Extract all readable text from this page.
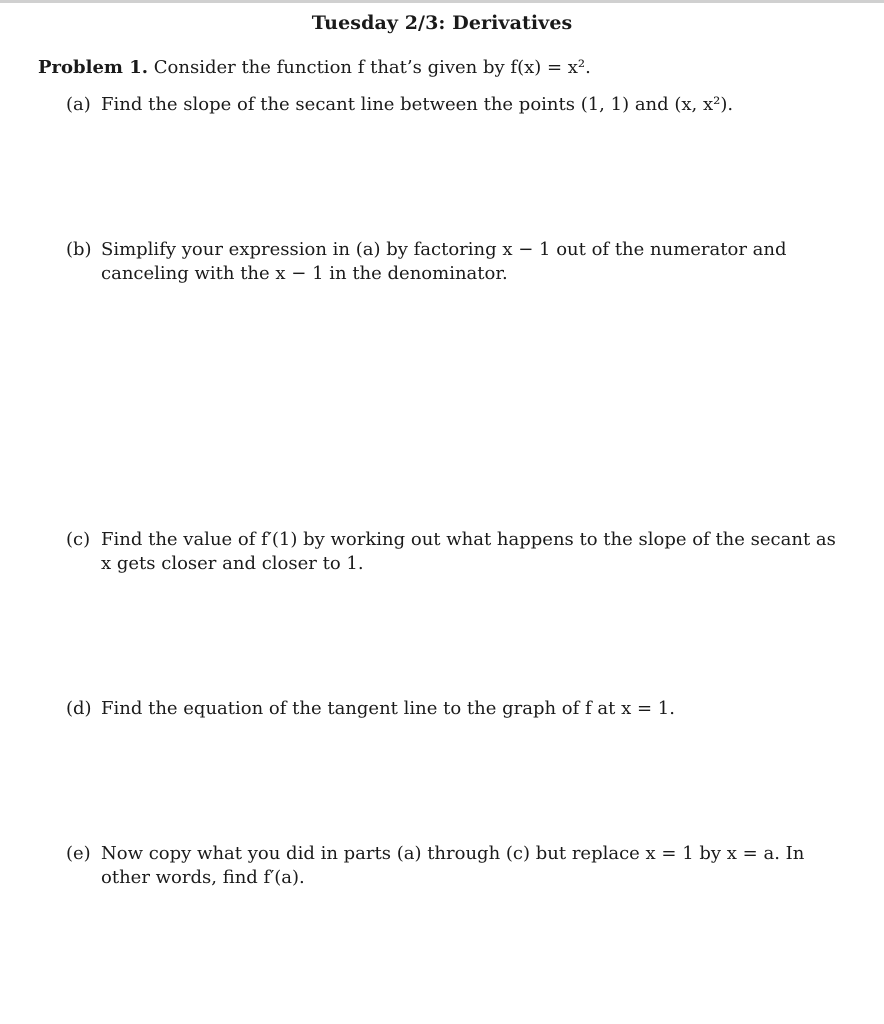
Tuesday 2/3: Derivatives
Problem 1. Consider the function f that’s given by f(x) = x².
(a) Find the slope of the secant line between the points (1, 1) and (x, x²).
(b) Simplify your expression in (a) by factoring x − 1 out of the numerator and canceling with the x − 1 in the denominator.
(c) Find the value of f′(1) by working out what happens to the slope of the secant as x gets closer and closer to 1.
(d) Find the equation of the tangent line to the graph of f at x = 1.
(e) Now copy what you did in parts (a) through (c) but replace x = 1 by x = a. In other words, find f′(a).
